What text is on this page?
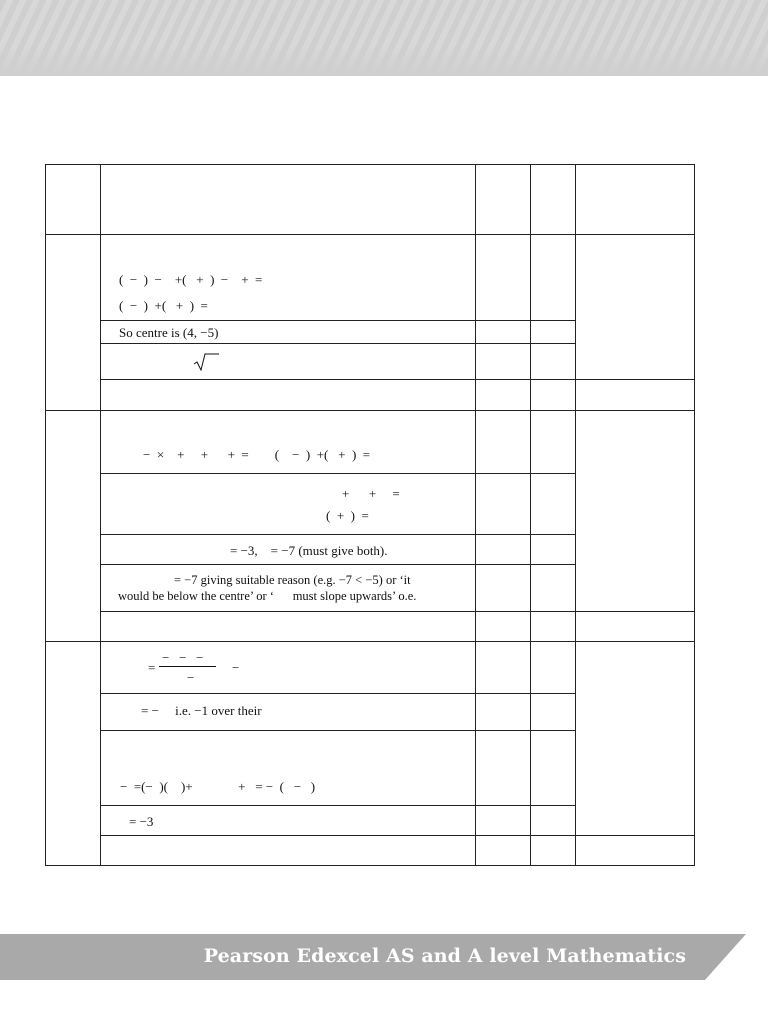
(  −  )  −    +(   +  )  −    +  =
(  −  )  +(   +  )  =
So centre is (4, −5)
−  ×    +     +      +  =        (    −  )  +(   +  )  =
+      +     =
(  +  )  =
= −3,    = −7 (must give both).
= −7 giving suitable reason (e.g. −7 < −5) or ‘it
would be below the centre’ or ‘      must slope upwards’ o.e.
−   −   −
=
−
−
= −     i.e. −1 over their
−  =(−  )(    )+              +   = −  (   −   )
= −3
Pearson Edexcel AS and A level Mathematics
